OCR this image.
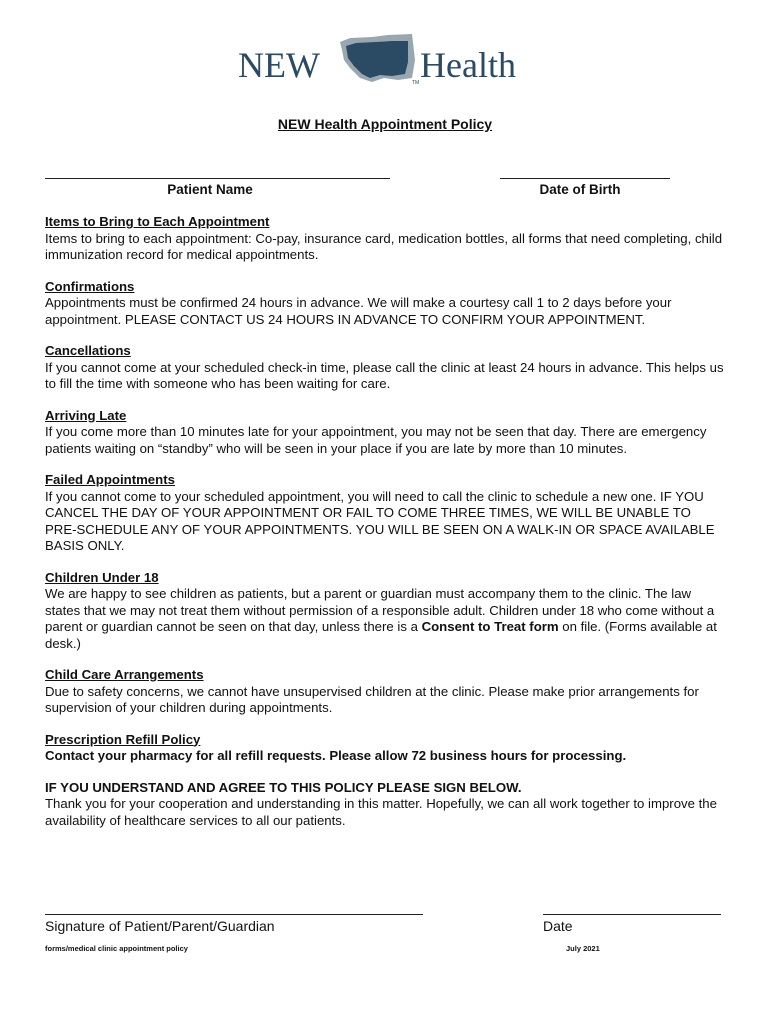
NEW	Health
TM
NEW Health Appointment Policy
Patient Name	Date of Birth
Items to Bring to Each Appointment

Items to bring to each appointment: Co-pay, insurance card, medication bottles, all forms that need completing, child immunization record for medical appointments.

Confirmations

Appointments must be confirmed 24 hours in advance. We will make a courtesy call 1 to 2 days before your appointment. PLEASE CONTACT US 24 HOURS IN ADVANCE TO CONFIRM YOUR APPOINTMENT.

Cancellations

If you cannot come at your scheduled check-in time, please call the clinic at least 24 hours in advance. This helps us to fill the time with someone who has been waiting for care.

Arriving Late

If you come more than 10 minutes late for your appointment, you may not be seen that day. There are emergency patients waiting on “standby” who will be seen in your place if you are late by more than 10 minutes.

Failed Appointments

If you cannot come to your scheduled appointment, you will need to call the clinic to schedule a new one. IF YOU CANCEL THE DAY OF YOUR APPOINTMENT OR FAIL TO COME THREE TIMES, WE WILL BE UNABLE TO PRE-SCHEDULE ANY OF YOUR APPOINTMENTS. YOU WILL BE SEEN ON A WALK-IN OR SPACE AVAILABLE BASIS ONLY.

Children Under 18

We are happy to see children as patients, but a parent or guardian must accompany them to the clinic. The law states that we may not treat them without permission of a responsible adult. Children under 18 who come without a parent or guardian cannot be seen on that day, unless there is a Consent to Treat form on file. (Forms available at desk.)

Child Care Arrangements

Due to safety concerns, we cannot have unsupervised children at the clinic. Please make prior arrangements for supervision of your children during appointments.

Prescription Refill Policy

Contact your pharmacy for all refill requests. Please allow 72 business hours for processing.

IF YOU UNDERSTAND AND AGREE TO THIS POLICY PLEASE SIGN BELOW.

Thank you for your cooperation and understanding in this matter. Hopefully, we can all work together to improve the availability of healthcare services to all our patients.

Signature of Patient/Parent/Guardian	Date
forms/medical clinic appointment policy	July 2021
